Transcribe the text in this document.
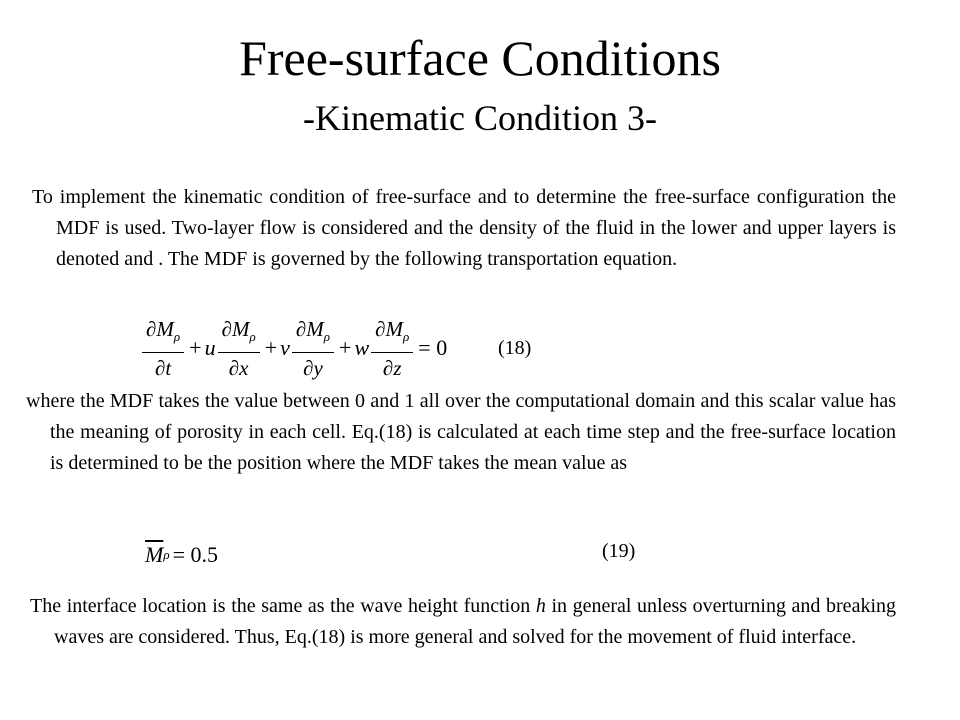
Free-surface Conditions
-Kinematic Condition 3-

To implement the kinematic condition of free-surface and to determine the free-surface configuration the MDF is used. Two-layer flow is considered and the density of the fluid in the lower and upper layers is denoted and . The MDF is governed by the following transportation equation.

$\frac{\partial M_\rho}{\partial t} + u \frac{\partial M_\rho}{\partial x} + v \frac{\partial M_\rho}{\partial y} + w \frac{\partial M_\rho}{\partial z} = 0$	(18)

where the MDF takes the value between 0 and 1 all over the computational domain and this scalar value has the meaning of porosity in each cell. Eq.(18) is calculated at each time step and the free-surface location is determined to be the position where the MDF takes the mean value as

$\overline{M}$ ρ = 0.5	(19)

The interface location is the same as the wave height function h in general unless overturning and breaking waves are considered. Thus, Eq.(18) is more general and solved for the movement of fluid interface.
